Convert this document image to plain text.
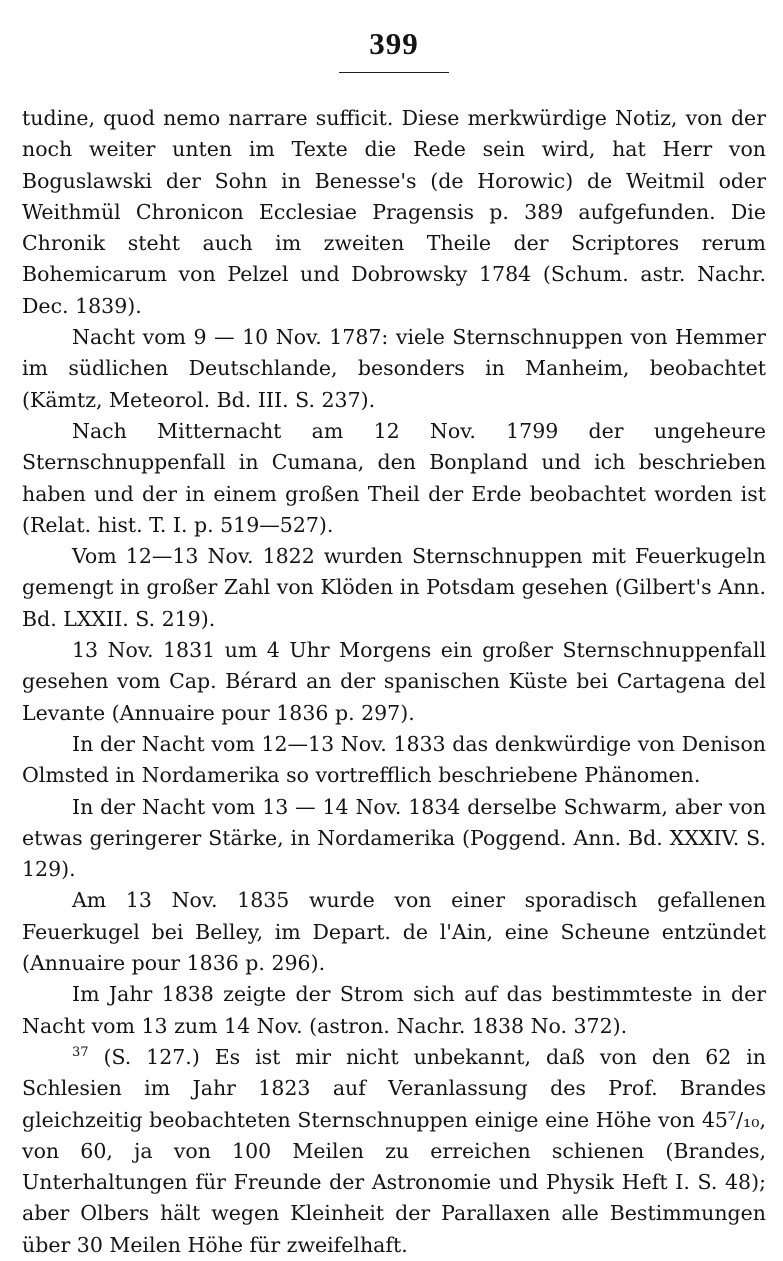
399

tudine, quod nemo narrare sufficit. Diese merkwürdige Notiz, von der noch weiter unten im Texte die Rede sein wird, hat Herr von Boguslawski der Sohn in Benesse's (de Horowic) de Weitmil oder Weithmül Chronicon Ecclesiae Pragensis p. 389 aufgefunden. Die Chronik steht auch im zweiten Theile der Scriptores rerum Bohemicarum von Pelzel und Dobrowsky 1784 (Schum. astr. Nachr. Dec. 1839).

Nacht vom 9 — 10 Nov. 1787: viele Sternschnuppen von Hemmer im südlichen Deutschlande, besonders in Manheim, beobachtet (Kämtz, Meteorol. Bd. III. S. 237).

Nach Mitternacht am 12 Nov. 1799 der ungeheure Sternschnuppenfall in Cumana, den Bonpland und ich beschrieben haben und der in einem großen Theil der Erde beobachtet worden ist (Relat. hist. T. I. p. 519—527).

Vom 12—13 Nov. 1822 wurden Sternschnuppen mit Feuerkugeln gemengt in großer Zahl von Klöden in Potsdam gesehen (Gilbert's Ann. Bd. LXXII. S. 219).

13 Nov. 1831 um 4 Uhr Morgens ein großer Sternschnuppenfall gesehen vom Cap. Bérard an der spanischen Küste bei Cartagena del Levante (Annuaire pour 1836 p. 297).

In der Nacht vom 12—13 Nov. 1833 das denkwürdige von Denison Olmsted in Nordamerika so vortrefflich beschriebene Phänomen.

In der Nacht vom 13 — 14 Nov. 1834 derselbe Schwarm, aber von etwas geringerer Stärke, in Nordamerika (Poggend. Ann. Bd. XXXIV. S. 129).

Am 13 Nov. 1835 wurde von einer sporadisch gefallenen Feuerkugel bei Belley, im Depart. de l'Ain, eine Scheune entzündet (Annuaire pour 1836 p. 296).

Im Jahr 1838 zeigte der Strom sich auf das bestimmteste in der Nacht vom 13 zum 14 Nov. (astron. Nachr. 1838 No. 372).

$^{37}$ (S. 127.) Es ist mir nicht unbekannt, daß von den 62 in Schlesien im Jahr 1823 auf Veranlassung des Prof. Brandes gleichzeitig beobachteten Sternschnuppen einige eine Höhe von 45⁷/₁₀, von 60, ja von 100 Meilen zu erreichen schienen (Brandes, Unterhaltungen für Freunde der Astronomie und Physik Heft I. S. 48); aber Olbers hält wegen Kleinheit der Parallaxen alle Bestimmungen über 30 Meilen Höhe für zweifelhaft.
